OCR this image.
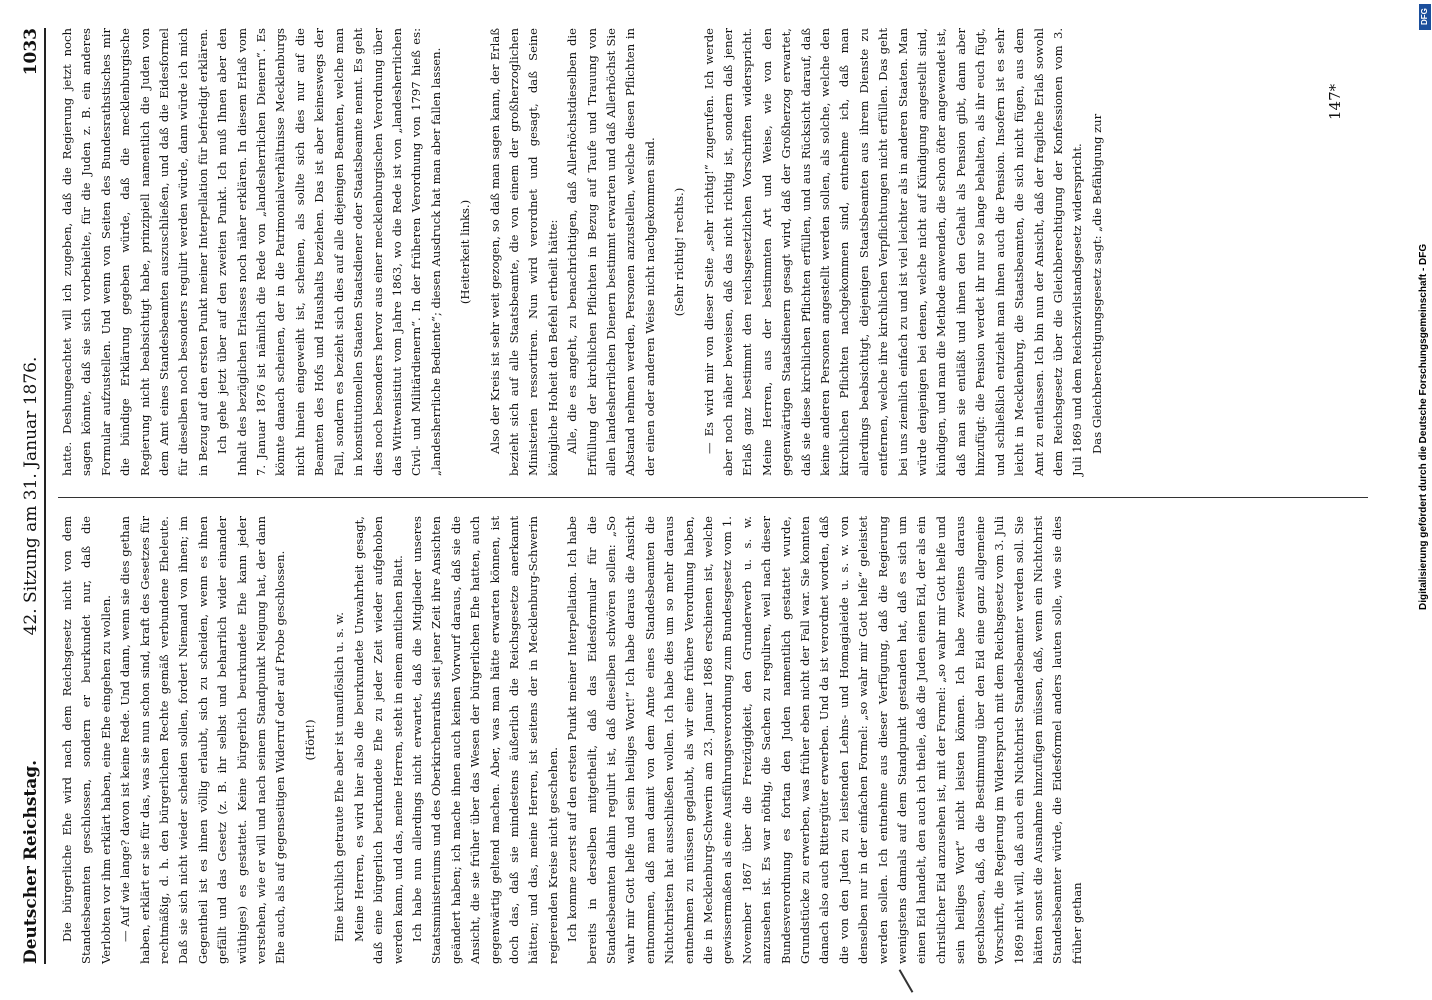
Deutscher Reichstag.
42. Sitzung am 31. Januar 1876.
1033

Die bürgerliche Ehe wird nach dem Reichsgesetz nicht von dem Standesbeamten geschlossen, sondern er beurkundet nur, daß die Verlobten vor ihm erklärt haben, eine Ehe eingehen zu wollen. — Auf wie lange? davon ist keine Rede. Und dann, wenn sie dies gethan haben, erklärt er sie für das, was sie nun schon sind, kraft des Gesetzes für rechtmäßig, d. h. den bürgerlichen Rechte gemäß verbundene Eheleute. Daß sie sich nicht wieder scheiden sollen, fordert Niemand von ihnen; im Gegentheil ist es ihnen völlig erlaubt, sich zu scheiden, wenn es ihnen gefällt und das Gesetz (z. B. ihr selbst und beharrlich wider einander wüthiges) es gestattet. Keine bürgerlich beurkundete Ehe kann jeder verstehen, wie er will und nach seinem Standpunkt Neigung hat, der dann Ehe auch, als auf gegenseitigen Widerruf oder auf Probe geschlossen. (Hört!) Eine kirchlich getraute Ehe aber ist unauflöslich u. s. w. Meine Herren, es wird hier also die beurkundete Unwahrheit gesagt, daß eine bürgerlich beurkundete Ehe zu jeder Zeit wieder aufgehoben werden kann, und das, meine Herren, steht in einem amtlichen Blatt. Ich habe nun allerdings nicht erwartet, daß die Mitglieder unseres Staatsministeriums und des Oberkirchenraths seit jener Zeit ihre Ansichten geändert haben; ich mache ihnen auch keinen Vorwurf daraus, daß sie die Ansicht, die sie früher über das Wesen der bürgerlichen Ehe hatten, auch gegenwärtig geltend machen. Aber, was man hätte erwarten können, ist doch das, daß sie mindestens äußerlich die Reichsgesetze anerkannt hätten; und das, meine Herren, ist seitens der in Mecklenburg-Schwerin regierenden Kreise nicht geschehen. Ich komme zuerst auf den ersten Punkt meiner Interpellation. Ich habe bereits in derselben mitgetheilt, daß das Eidesformular für die Standesbeamten dahin regulirt ist, daß dieselben schwören sollen: „So wahr mir Gott helfe und sein heiliges Wort!“ Ich habe daraus die Ansicht entnommen, daß man damit von dem Amte eines Standesbeamten die Nichtchristen hat ausschließen wollen. Ich habe dies um so mehr daraus entnehmen zu müssen geglaubt, als wir eine frühere Verordnung haben, die in Mecklenburg-Schwerin am 23. Januar 1868 erschienen ist, welche gewissermaßen als eine Ausführungsverordnung zum Bundesgesetz vom 1. November 1867 über die Freizügigkeit, den Grunderwerb u. s. w. anzusehen ist. Es war nöthig, die Sachen zu reguliren, weil nach dieser Bundesverordnung es fortan den Juden namentlich gestattet wurde, Grundstücke zu erwerben, was früher eben nicht der Fall war. Sie konnten danach also auch Rittergüter erwerben. Und da ist verordnet worden, daß die von den Juden zu leistenden Lehns- und Homagialeide u. s. w. von denselben nur in der einfachen Formel: „so wahr mir Gott helfe“ geleistet werden sollen. Ich entnehme aus dieser Verfügung, daß die Regierung wenigstens damals auf dem Standpunkt gestanden hat, daß es sich um einen Eid handelt, den auch ich theile, daß die Juden einen Eid, der als ein christlicher Eid anzusehen ist, mit der Formel: „so wahr mir Gott helfe und sein heiliges Wort“ nicht leisten können. Ich habe zweitens daraus geschlossen, daß, da die Bestimmung über den Eid eine ganz allgemeine Vorschrift, die Regierung im Widerspruch mit dem Reichsgesetz vom 3. Juli 1869 nicht will, daß auch ein Nichtchrist Standesbeamter werden soll. Sie hätten sonst die Ausnahme hinzufügen müssen, daß, wenn ein Nichtchrist Standesbeamter würde, die Eidesformel anders lauten solle, wie sie dies früher gethan

hatte. Deshungeachtet will ich zugeben, daß die Regierung jetzt noch sagen könnte, daß sie sich vorbehielte, für die Juden z. B. ein anderes Formular aufzustellen. Und wenn von Seiten des Bundesrathstisches mir die bündige Erklärung gegeben würde, daß die mecklenburgische Regierung nicht beabsichtigt habe, prinzipiell namentlich die Juden von dem Amt eines Standesbeamten auszuschließen, und daß die Eidesformel für dieselben noch besonders regulirt werden würde, dann würde ich mich in Bezug auf den ersten Punkt meiner Interpellation für befriedigt erklären. Ich gehe jetzt über auf den zweiten Punkt. Ich muß Ihnen aber den Inhalt des bezüglichen Erlasses noch näher erklären. In diesem Erlaß vom 7. Januar 1876 ist nämlich die Rede von „landesherrlichen Dienern“. Es könnte danach scheinen, der in die Patrimonialverhältnisse Mecklenburgs nicht hinein eingeweiht ist, scheinen, als sollte sich dies nur auf die Beamten des Hofs und Haushalts beziehen. Das ist aber keineswegs der Fall, sondern es bezieht sich dies auf alle diejenigen Beamten, welche man in konstitutionellen Staaten Staatsdiener oder Staatsbeamte nennt. Es geht dies noch besonders hervor aus einer mecklenburgischen Verordnung über das Wittwenistitut vom Jahre 1863, wo die Rede ist von „landesherrlichen Civil- und Militärdienern“. In der früheren Verordnung von 1797 hieß es: „landesherrliche Bediente“; diesen Ausdruck hat man aber fallen lassen. (Heiterkeit links.) Also der Kreis ist sehr weit gezogen, so daß man sagen kann, der Erlaß bezieht sich auf alle Staatsbeamte, die von einem der großherzoglichen Ministerien ressortiren. Nun wird verordnet und gesagt, daß Seine königliche Hoheit den Befehl ertheilt hätte: Alle, die es angeht, zu benachrichtigen, daß Allerhöchstdieselben die Erfüllung der kirchlichen Pflichten in Bezug auf Taufe und Trauung von allen landesherrlichen Dienern bestimmt erwarten und daß Allerhöchst Sie Abstand nehmen werden, Personen anzustellen, welche diesen Pflichten in der einen oder anderen Weise nicht nachgekommen sind. (Sehr richtig! rechts.) — Es wird mir von dieser Seite „sehr richtig!“ zugerufen. Ich werde aber noch näher beweisen, daß das nicht richtig ist, sondern daß jener Erlaß ganz bestimmt den reichsgesetzlichen Vorschriften widerspricht. Meine Herren, aus der bestimmten Art und Weise, wie von den gegenwärtigen Staatsdienern gesagt wird, daß der Großherzog erwartet, daß sie diese kirchlichen Pflichten erfüllen, und aus Rücksicht darauf, daß keine anderen Personen angestellt werden sollen, als solche, welche den kirchlichen Pflichten nachgekommen sind, entnehme ich, daß man allerdings beabsichtigt, diejenigen Staatsbeamten aus ihrem Dienste zu entfernen, welche ihre kirchlichen Verpflichtungen nicht erfüllen. Das geht bei uns ziemlich einfach zu und ist viel leichter als in anderen Staaten. Man würde denjenigen bei denen, welche nicht auf Kündigung angestellt sind, kündigen, und man die Methode anwenden, die schon öfter angewendet ist, daß man sie entläßt und ihnen den Gehalt als Pension gibt, dann aber hinzufügt: die Pension werdet ihr nur so lange behalten, als ihr euch fügt, und schließlich entzieht man ihnen auch die Pension. Insofern ist es sehr leicht in Mecklenburg, die Staatsbeamten, die sich nicht fügen, aus dem Amt zu entlassen. Ich bin nun der Ansicht, daß der fragliche Erlaß sowohl dem Reichsgesetz über die Gleichberechtigung der Konfessionen vom 3. Juli 1869 und dem Reichszivilstandsgesetz widerspricht. Das Gleichberechtigungsgesetz sagt: „die Befähigung zur

147*
DFG
Digitalisierung gefördert durch die Deutsche Forschungsgemeinschaft - DFG
